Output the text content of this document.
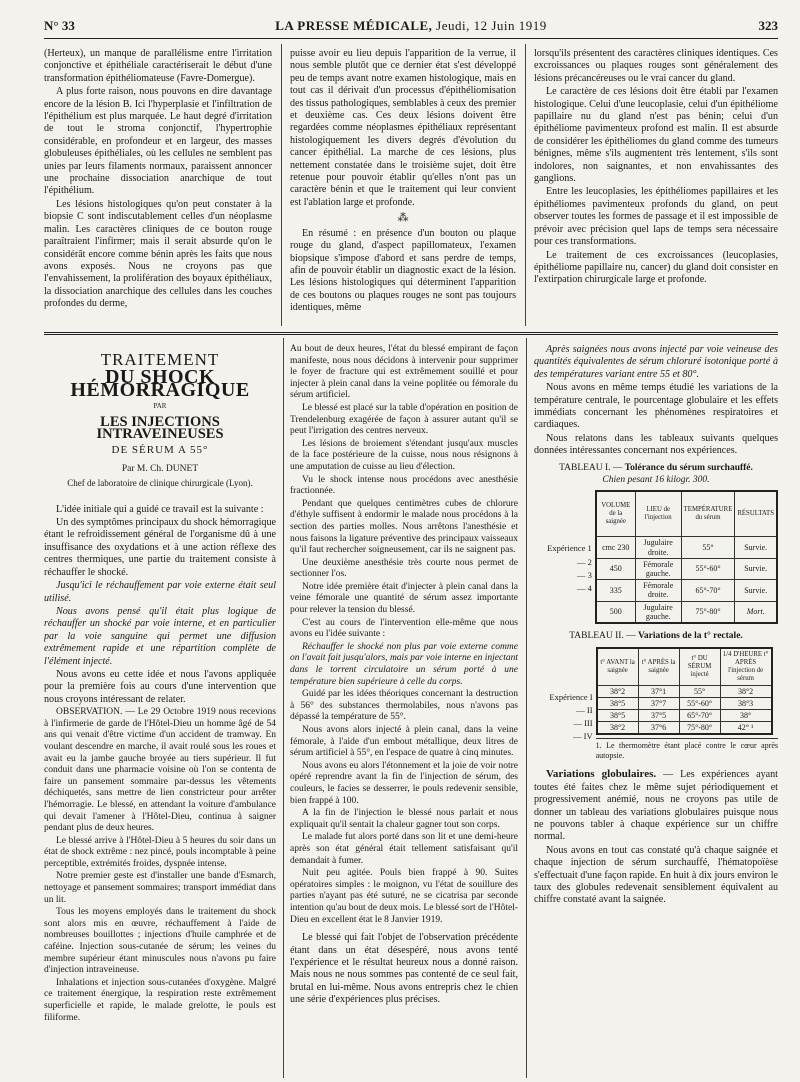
N° 33	LA PRESSE MÉDICALE, Jeudi, 12 Juin 1919	323

(Herteux), un manque de parallélisme entre l'irritation conjonctive et épithéliale caractériserait le début d'une transformation épithéliomateuse (Favre-Domergue).

A plus forte raison, nous pouvons en dire davantage encore de la lésion B. Ici l'hyperplasie et l'infiltration de l'épithélium est plus marquée. Le haut degré d'irritation de tout le stroma conjonctif, l'hypertrophie considérable, en profondeur et en largeur, des masses globuleuses épithéliales, où les cellules ne semblent pas unies par leurs filaments normaux, paraissent annoncer une prochaine dissociation anarchique de tout l'épithélium.

Les lésions histologiques qu'on peut constater à la biopsie C sont indiscutablement celles d'un néoplasme malin. Les caractères cliniques de ce bouton rouge paraîtraient l'infirmer; mais il serait absurde qu'on le considérât encore comme bénin après les faits que nous avons exposés. Nous ne croyons pas que l'envahissement, la prolifération des boyaux épithéliaux, la dissociation anarchique des cellules dans les couches profondes du derme,

puisse avoir eu lieu depuis l'apparition de la verrue, il nous semble plutôt que ce dernier état s'est développé peu de temps avant notre examen histologique, mais en tout cas il dérivait d'un processus d'épithéliomisation des tissus pathologiques, semblables à ceux des premier et deuxième cas. Ces deux lésions doivent être regardées comme néoplasmes épithéliaux représentant histologiquement les divers degrés d'évolution du cancer épithélial. La marche de ces lésions, plus nettement constatée dans le troisième sujet, doit être retenue pour pouvoir établir qu'elles n'ont pas un caractère bénin et que le traitement qui leur convient est l'ablation large et profonde.

⁂

En résumé : en présence d'un bouton ou plaque rouge du gland, d'aspect papillomateux, l'examen biopsique s'impose d'abord et sans perdre de temps, afin de pouvoir établir un diagnostic exact de la lésion. Les lésions histologiques qui déterminent l'apparition de ces boutons ou plaques rouges ne sont pas toujours identiques, même

lorsqu'ils présentent des caractères cliniques identiques. Ces excroissances ou plaques rouges sont généralement des lésions précancéreuses ou le vrai cancer du gland.

Le caractère de ces lésions doit être établi par l'examen histologique. Celui d'une leucoplasie, celui d'un épithéliome papillaire nu du gland n'est pas bénin; celui d'un épithéliome pavimenteux profond est malin. Il est absurde de considérer les épithéliomes du gland comme des tumeurs bénignes, même s'ils augmentent très lentement, s'ils sont indolores, non saignantes, et non envahissantes des ganglions.

Entre les leucoplasies, les épithéliomes papillaires et les épithéliomes pavimenteux profonds du gland, on peut observer toutes les formes de passage et il est impossible de prévoir avec précision quel laps de temps sera nécessaire pour ces transformations.

Le traitement de ces excroissances (leucoplasies, épithéliome papillaire nu, cancer) du gland doit consister en l'extirpation chirurgicale large et profonde.

TRAITEMENT
DU SHOCK HÉMORRAGIQUE
PAR
LES INJECTIONS INTRAVEINEUSES
DE SÉRUM A 55°
Par M. Ch. DUNET
Chef de laboratoire de clinique chirurgicale (Lyon).

L'idée initiale qui a guidé ce travail est la suivante :

Un des symptômes principaux du shock hémorragique étant le refroidissement général de l'organisme dû à une insuffisance des oxydations et à une action réflexe des centres thermiques, une partie du traitement consiste à réchauffer le shocké.

Jusqu'ici le réchauffement par voie externe était seul utilisé.

Nous avons pensé qu'il était plus logique de réchauffer un shocké par voie interne, et en particulier par la voie sanguine qui permet une diffusion extrêmement rapide et une répartition complète de l'élément injecté.

Nous avons eu cette idée et nous l'avons appliquée pour la première fois au cours d'une intervention que nous croyons intéressant de relater.

OBSERVATION. — Le 29 Octobre 1919 nous recevions à l'infirmerie de garde de l'Hôtel-Dieu un homme âgé de 54 ans qui venait d'être victime d'un accident de tramway. En voulant descendre en marche, il avait roulé sous les roues et avait eu la jambe gauche broyée au tiers supérieur. Il fut conduit dans une pharmacie voisine où l'on se contenta de faire un pansement sommaire par-dessus les vêtements déchiquetés, sans mettre de lien constricteur pour arrêter l'hémorragie. Le blessé, en attendant la voiture d'ambulance qui devait l'amener à l'Hôtel-Dieu, continua à saigner pendant plus de deux heures.

Le blessé arrive à l'Hôtel-Dieu à 5 heures du soir dans un état de shock extrême : nez pincé, pouls incomptable à peine perceptible, extrémités froides, dyspnée intense.

Notre premier geste est d'installer une bande d'Esmarch, nettoyage et pansement sommaires; transport immédiat dans un lit.

Tous les moyens employés dans le traitement du shock sont alors mis en œuvre, réchauffement à l'aide de nombreuses bouillottes ; injections d'huile camphrée et de caféine. Injection sous-cutanée de sérum; les veines du membre supérieur étant minuscules nous n'avons pu faire d'injection intraveineuse.

Inhalations et injection sous-cutanées d'oxygène. Malgré ce traitement énergique, la respiration reste extrêmement superficielle et rapide, le malade grelotte, le pouls est filiforme.

Au bout de deux heures, l'état du blessé empirant de façon manifeste, nous nous décidons à intervenir pour supprimer le foyer de fracture qui est extrêmement souillé et pour injecter à plein canal dans la veine poplitée ou fémorale du sérum artificiel.

Le blessé est placé sur la table d'opération en position de Trendelenburg exagérée de façon à assurer autant qu'il se peut l'irrigation des centres nerveux.

Les lésions de broiement s'étendant jusqu'aux muscles de la face postérieure de la cuisse, nous nous résignons à une amputation de cuisse au lieu d'élection.

Vu le shock intense nous procédons avec anesthésie fractionnée.

Pendant que quelques centimètres cubes de chlorure d'éthyle suffisent à endormir le malade nous procédons à la section des parties molles. Nous arrêtons l'anesthésie et nous faisons la ligature préventive des principaux vaisseaux qu'il faut rechercher soigneusement, car ils ne saignent pas.

Une deuxième anesthésie très courte nous permet de sectionner l'os.

Notre idée première était d'injecter à plein canal dans la veine fémorale une quantité de sérum assez importante pour relever la tension du blessé.

C'est au cours de l'intervention elle-même que nous avons eu l'idée suivante :

Réchauffer le shocké non plus par voie externe comme on l'avait fait jusqu'alors, mais par voie interne en injectant dans le torrent circulatoire un sérum porté à une température bien supérieure à celle du corps.

Guidé par les idées théoriques concernant la destruction à 56° des substances thermolabiles, nous n'avons pas dépassé la température de 55°.

Nous avons alors injecté à plein canal, dans la veine fémorale, à l'aide d'un embout métallique, deux litres de sérum artificiel à 55°, en l'espace de quatre à cinq minutes.

Nous avons eu alors l'étonnement et la joie de voir notre opéré reprendre avant la fin de l'injection de sérum, des couleurs, le facies se desserrer, le pouls redevenir sensible, bien frappé à 100.

A la fin de l'injection le blessé nous parlait et nous expliquait qu'il sentait la chaleur gagner tout son corps.

Le malade fut alors porté dans son lit et une demi-heure après son état général était tellement satisfaisant qu'il demandait à fumer.

Nuit peu agitée. Pouls bien frappé à 90. Suites opératoires simples : le moignon, vu l'état de souillure des parties n'ayant pas été suturé, ne se cicatrisa par seconde intention qu'au bout de deux mois. Le blessé sort de l'Hôtel-Dieu en excellent état le 8 Janvier 1919.

Le blessé qui fait l'objet de l'observation précédente étant dans un état désespéré, nous avons tenté l'expérience et le résultat heureux nous a donné raison. Mais nous ne nous sommes pas contenté de ce seul fait, brutal en lui-même. Nous avons entrepris chez le chien une série d'expériences plus précises.

Après saignées nous avons injecté par voie veineuse des quantités équivalentes de sérum chloruré isotonique porté à des températures variant entre 55 et 80°.

Nous avons en même temps étudié les variations de la température centrale, le pourcentage globulaire et les effets immédiats concernant les phénomènes respiratoires et cardiaques.

Nous relatons dans les tableaux suivants quelques données intéressantes concernant nos expériences.

TABLEAU I. — Tolérance du sérum surchauffé.
Chien pesant 16 kilogr. 300.
Expérience 1
— 2
— 3
— 4
VOLUME de la saignée	LIEU de l'injection	TEMPÉRATURE du sérum	RÉSULTATS
cmc 230	Jugulaire droite.	55°	Survie.
450	Fémorale gauche.	55°-60°	Survie.
335	Fémorale droite.	65°-70°	Survie.
500	Jugulaire gauche.	75°-80°	Mort.
TABLEAU II. — Variations de la t° rectale.
Expérience I
— II
— III
— IV
t° AVANT la saignée	t° APRÈS la saignée	t° DU SÉRUM injecté	1/4 D'HEURE t° APRÈS l'injection de sérum
38°2	37°1	55°	38°2
38°5	37°7	55°-60°	38°3
38°5	37°5	65°-70°	38°
38°2	37°6	75°-80°	42° ¹
1. Le thermomètre étant placé contre le cœur après autopsie.

Variations globulaires. — Les expériences ayant toutes été faites chez le même sujet périodiquement et progressivement anémié, nous ne croyons pas utile de donner un tableau des variations globulaires puisque nous ne pouvons tabler à chaque expérience sur un chiffre normal.

Nous avons en tout cas constaté qu'à chaque saignée et chaque injection de sérum surchauffé, l'hématopoïèse s'effectuait d'une façon rapide. En huit à dix jours environ le taux des globules redevenait sensiblement équivalent au chiffre constaté avant la saignée.
